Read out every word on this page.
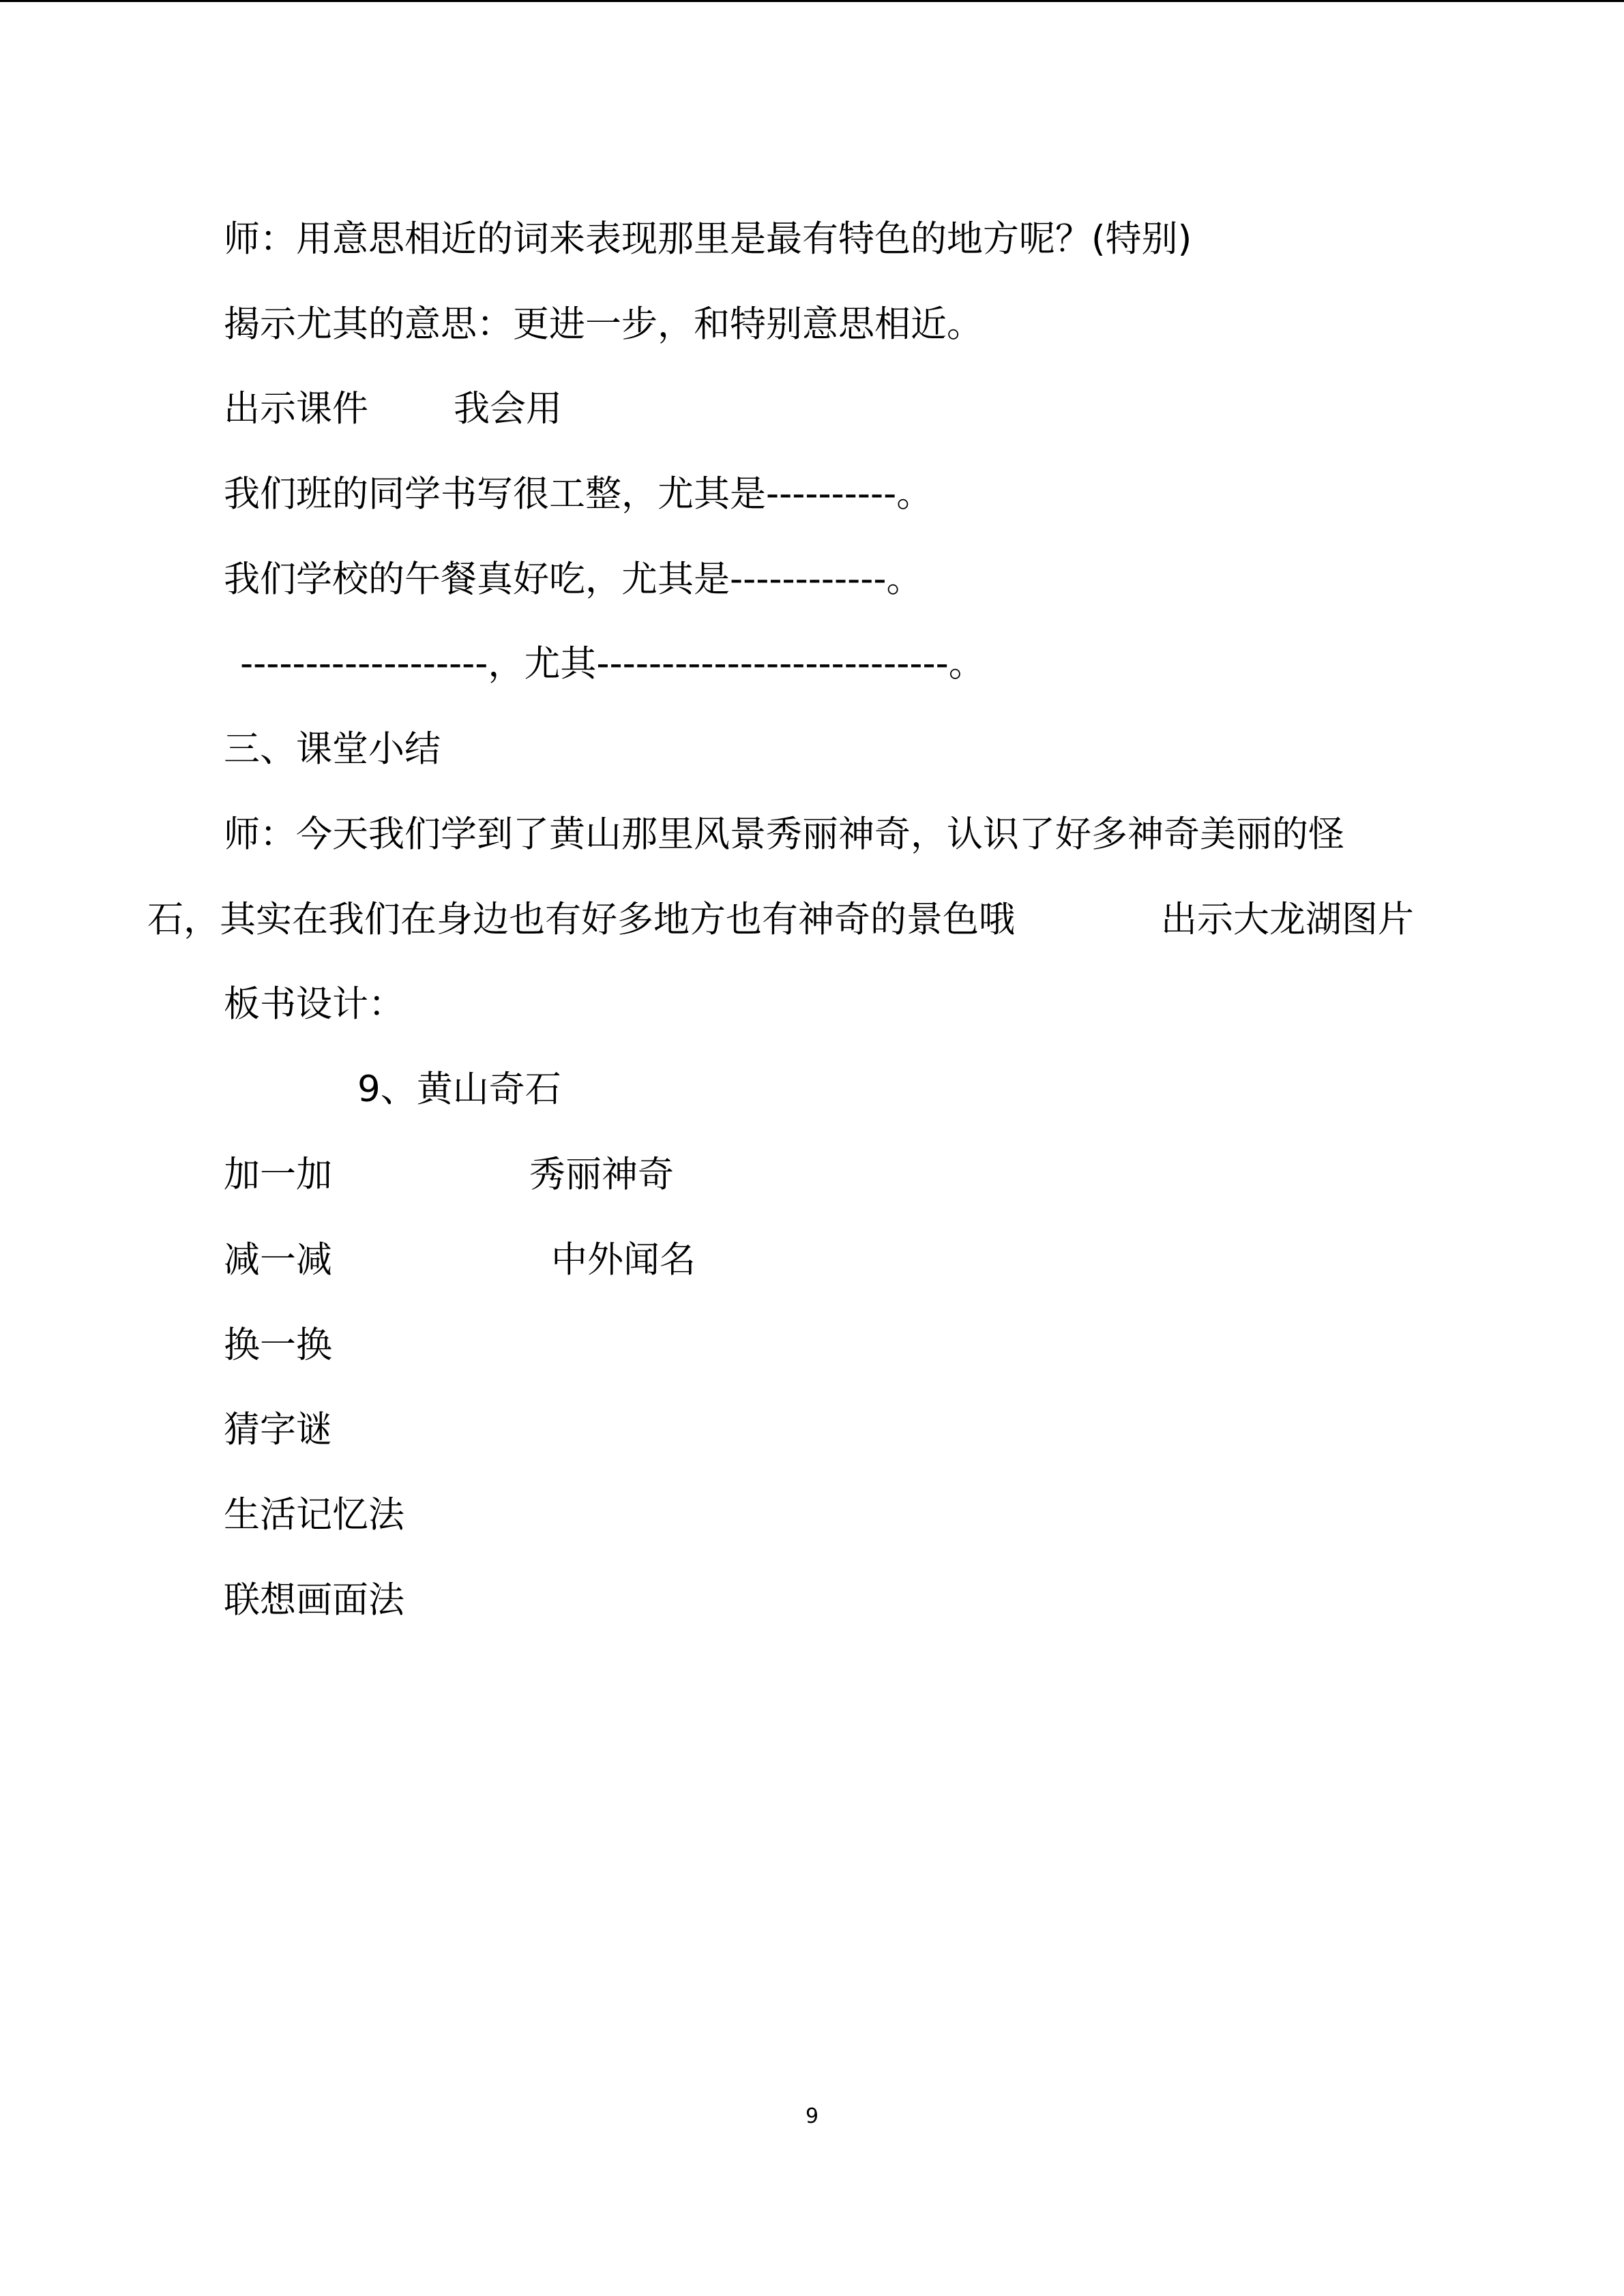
师：用意思相近的词来表现那里是最有特色的地方呢？(特别)
揭示尤其的意思：更进一步，和特别意思相近。
出示课件 我会用
我们班的同学书写很工整，尤其是----------。
我们学校的午餐真好吃，尤其是------------。
-------------------，尤其---------------------------。
三、课堂小结
师：今天我们学到了黄山那里风景秀丽神奇，认识了好多神奇美丽的怪
石，其实在我们在身边也有好多地方也有神奇的景色哦	出示大龙湖图片
板书设计：
9、黄山奇石
加一加	秀丽神奇
减一减	中外闻名
换一换
猜字谜
生活记忆法
联想画面法
9
